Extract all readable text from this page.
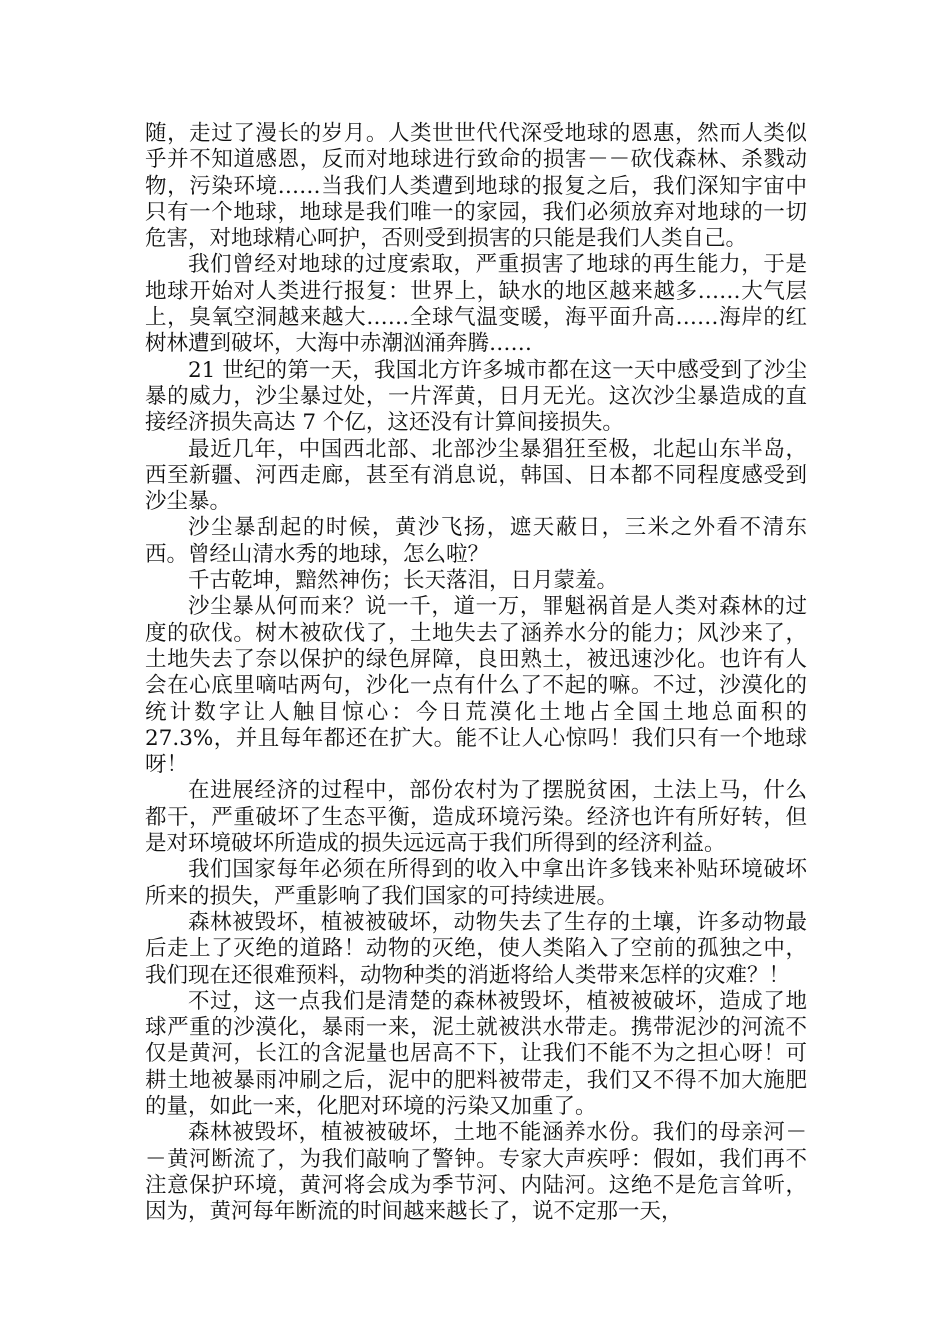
随，走过了漫长的岁月。人类世世代代深受地球的恩惠，然而人类似乎并不知道感恩，反而对地球进行致命的损害－－砍伐森林、杀戮动物，污染环境……当我们人类遭到地球的报复之后，我们深知宇宙中只有一个地球，地球是我们唯一的家园，我们必须放弃对地球的一切危害，对地球精心呵护，否则受到损害的只能是我们人类自己。

我们曾经对地球的过度索取，严重损害了地球的再生能力，于是地球开始对人类进行报复：世界上，缺水的地区越来越多……大气层上，臭氧空洞越来越大……全球气温变暖，海平面升高……海岸的红树林遭到破坏，大海中赤潮汹涌奔腾……

21 世纪的第一天，我国北方许多城市都在这一天中感受到了沙尘暴的威力，沙尘暴过处，一片浑黄，日月无光。这次沙尘暴造成的直接经济损失高达 7 个亿，这还没有计算间接损失。

最近几年，中国西北部、北部沙尘暴猖狂至极，北起山东半岛，西至新疆、河西走廊，甚至有消息说，韩国、日本都不同程度感受到沙尘暴。

沙尘暴刮起的时候，黄沙飞扬，遮天蔽日，三米之外看不清东西。曾经山清水秀的地球，怎么啦？

千古乾坤，黯然神伤；长天落泪，日月蒙羞。

沙尘暴从何而来？说一千，道一万，罪魁祸首是人类对森林的过度的砍伐。树木被砍伐了，土地失去了涵养水分的能力；风沙来了，土地失去了奈以保护的绿色屏障，良田熟土，被迅速沙化。也许有人会在心底里嘀咕两句，沙化一点有什么了不起的嘛。不过，沙漠化的统计数字让人触目惊心：今日荒漠化土地占全国土地总面积的 27.3%，并且每年都还在扩大。能不让人心惊吗！我们只有一个地球呀！

在进展经济的过程中，部份农村为了摆脱贫困，土法上马，什么都干，严重破坏了生态平衡，造成环境污染。经济也许有所好转，但是对环境破坏所造成的损失远远高于我们所得到的经济利益。

我们国家每年必须在所得到的收入中拿出许多钱来补贴环境破坏所来的损失，严重影响了我们国家的可持续进展。

森林被毁坏，植被被破坏，动物失去了生存的土壤，许多动物最后走上了灭绝的道路！动物的灭绝，使人类陷入了空前的孤独之中，我们现在还很难预料，动物种类的消逝将给人类带来怎样的灾难？！

不过，这一点我们是清楚的森林被毁坏，植被被破坏，造成了地球严重的沙漠化，暴雨一来，泥土就被洪水带走。携带泥沙的河流不仅是黄河，长江的含泥量也居高不下，让我们不能不为之担心呀！可耕土地被暴雨冲刷之后，泥中的肥料被带走，我们又不得不加大施肥的量，如此一来，化肥对环境的污染又加重了。

森林被毁坏，植被被破坏，土地不能涵养水份。我们的母亲河－－黄河断流了，为我们敲响了警钟。专家大声疾呼：假如，我们再不注意保护环境，黄河将会成为季节河、内陆河。这绝不是危言耸听，因为，黄河每年断流的时间越来越长了，说不定那一天，
